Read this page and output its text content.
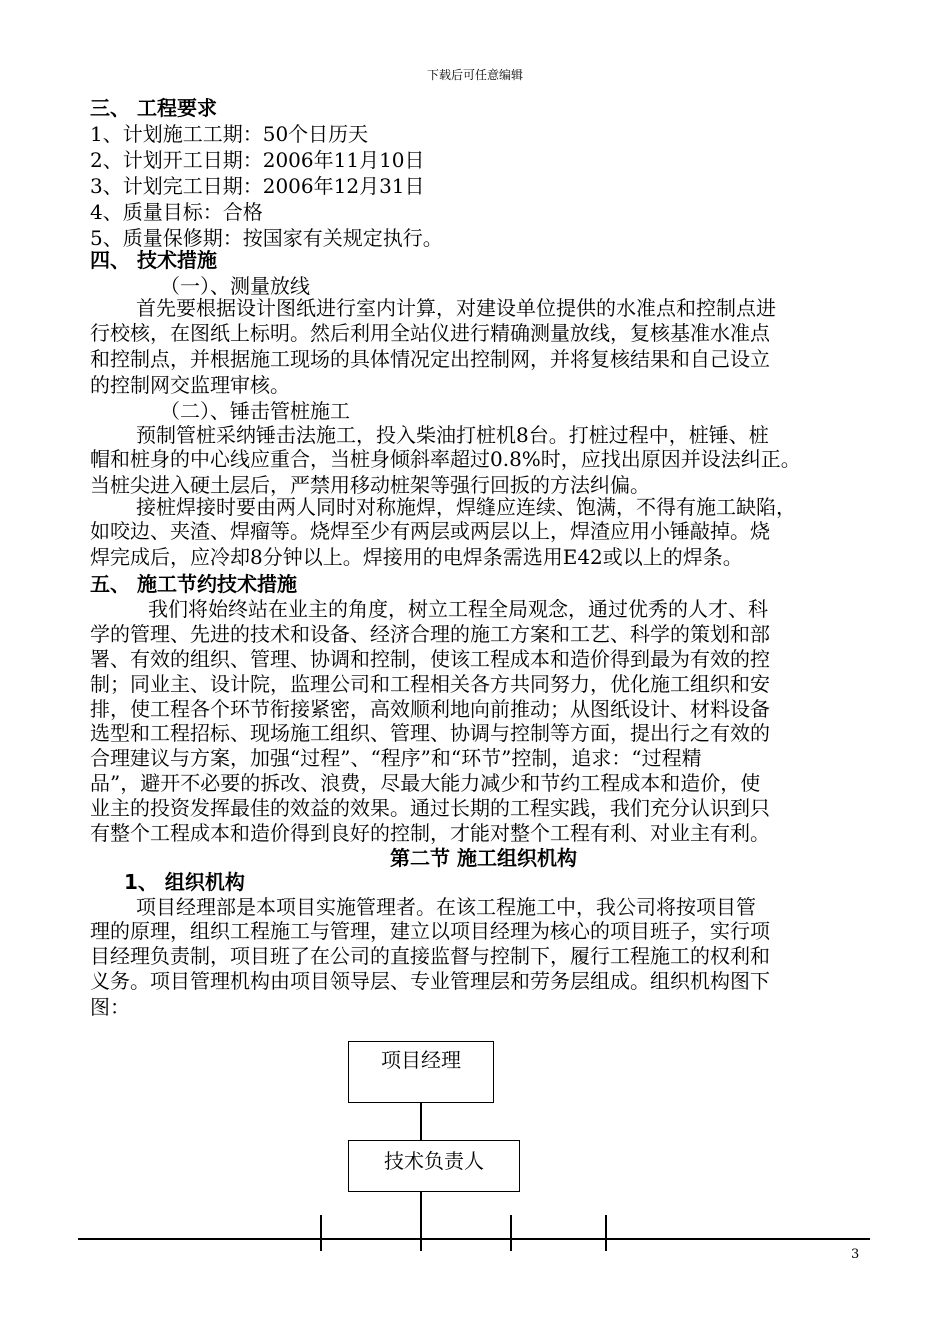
下载后可任意编辑
三、 工程要求
1、计划施工工期：50个日历天
2、计划开工日期：2006年11月10日
3、计划完工日期：2006年12月31日
4、质量目标：合格
5、质量保修期：按国家有关规定执行。
四、 技术措施
（一）、测量放线
首先要根据设计图纸进行室内计算，对建设单位提供的水准点和控制点进
行校核，在图纸上标明。然后利用全站仪进行精确测量放线，复核基准水准点
和控制点，并根据施工现场的具体情况定出控制网，并将复核结果和自己设立
的控制网交监理审核。
（二）、锤击管桩施工
预制管桩采纳锤击法施工，投入柴油打桩机8台。打桩过程中，桩锤、桩
帽和桩身的中心线应重合，当桩身倾斜率超过0.8%时，应找出原因并设法纠正。
当桩尖进入硬土层后，严禁用移动桩架等强行回扳的方法纠偏。
接桩焊接时要由两人同时对称施焊，焊缝应连续、饱满，不得有施工缺陷，
如咬边、夹渣、焊瘤等。烧焊至少有两层或两层以上，焊渣应用小锤敲掉。烧
焊完成后，应冷却8分钟以上。焊接用的电焊条需选用E42或以上的焊条。
五、 施工节约技术措施
我们将始终站在业主的角度，树立工程全局观念，通过优秀的人才、科
学的管理、先进的技术和设备、经济合理的施工方案和工艺、科学的策划和部
署、有效的组织、管理、协调和控制，使该工程成本和造价得到最为有效的控
制；同业主、设计院，监理公司和工程相关各方共同努力，优化施工组织和安
排，使工程各个环节衔接紧密，高效顺利地向前推动；从图纸设计、材料设备
选型和工程招标、现场施工组织、管理、协调与控制等方面，提出行之有效的
合理建议与方案，加强“过程”、“程序”和“环节”控制，追求：“过程精
品”，避开不必要的拆改、浪费，尽最大能力减少和节约工程成本和造价，使
业主的投资发挥最佳的效益的效果。通过长期的工程实践，我们充分认识到只
有整个工程成本和造价得到良好的控制，才能对整个工程有利、对业主有利。
第二节 施工组织机构
1、 组织机构
项目经理部是本项目实施管理者。在该工程施工中，我公司将按项目管
理的原理，组织工程施工与管理，建立以项目经理为核心的项目班子，实行项
目经理负责制，项目班了在公司的直接监督与控制下，履行工程施工的权利和
义务。项目管理机构由项目领导层、专业管理层和劳务层组成。组织机构图下
图：
项目经理
技术负责人
3
